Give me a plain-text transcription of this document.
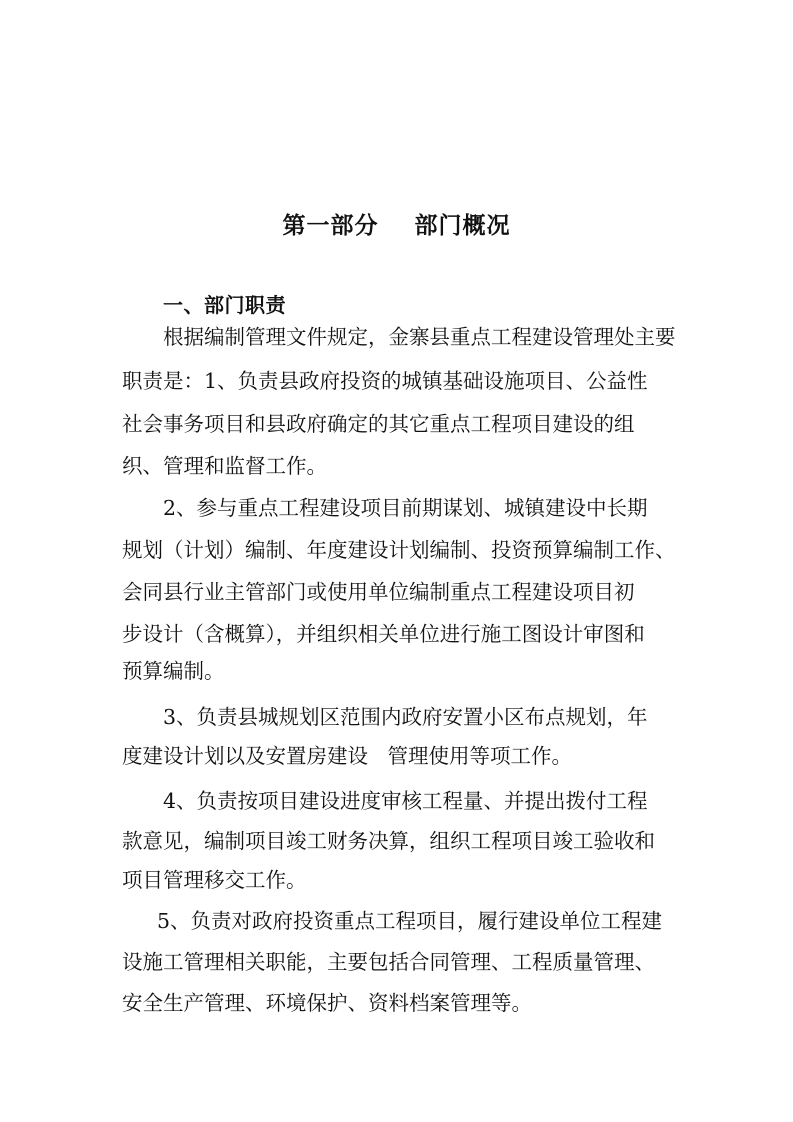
第一部分    部门概况
一、部门职责
根据编制管理文件规定，金寨县重点工程建设管理处主要
职责是：1、负责县政府投资的城镇基础设施项目、公益性
社会事务项目和县政府确定的其它重点工程项目建设的组
织、管理和监督工作。
2、参与重点工程建设项目前期谋划、城镇建设中长期
规划（计划）编制、年度建设计划编制、投资预算编制工作、
会同县行业主管部门或使用单位编制重点工程建设项目初
步设计（含概算），并组织相关单位进行施工图设计审图和
预算编制。
3、负责县城规划区范围内政府安置小区布点规划，年
度建设计划以及安置房建设   管理使用等项工作。
4、负责按项目建设进度审核工程量、并提出拨付工程
款意见，编制项目竣工财务决算，组织工程项目竣工验收和
项目管理移交工作。
5、负责对政府投资重点工程项目，履行建设单位工程建
设施工管理相关职能，主要包括合同管理、工程质量管理、
安全生产管理、环境保护、资料档案管理等。
